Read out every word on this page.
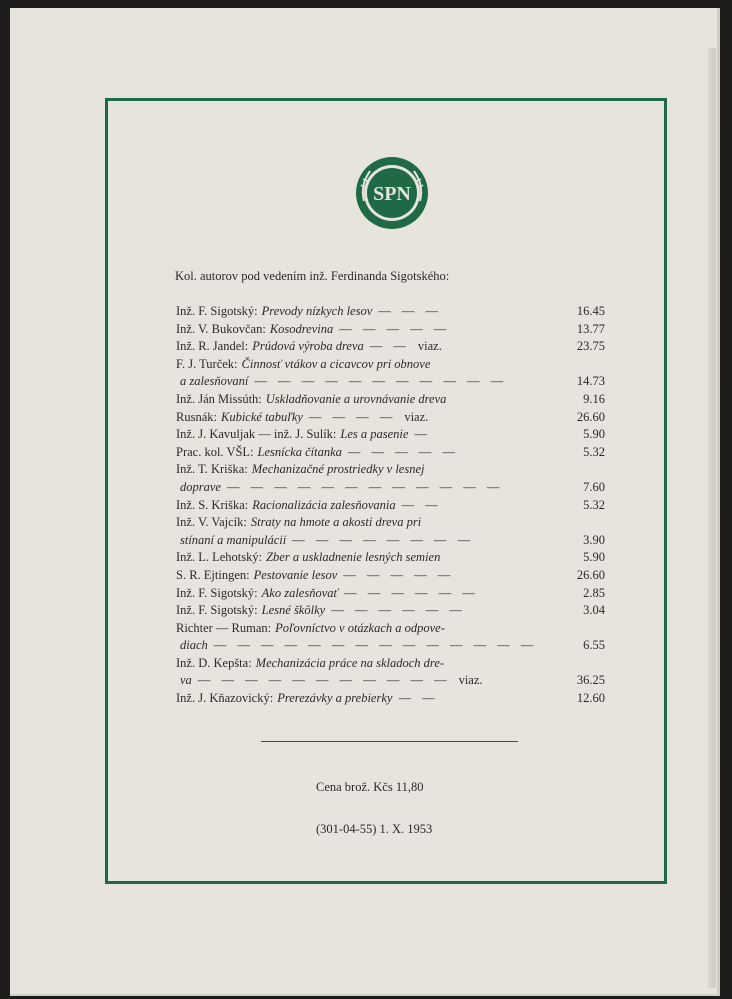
SPN
Kol. autorov pod vedením inž. Ferdinanda Sigotského:
Inž. F. Sigotský: Prevody nízkych lesov — — —	16.45
Inž. V. Bukovčan: Kosodrevina — — — — —	13.77
Inž. R. Jandel: Prúdová výroba dreva — — viaz.	23.75
F. J. Turček: Činnosť vtákov a cicavcov pri obnove
a zalesňovaní — — — — — — — — — — —	14.73
Inž. Ján Missúth: Uskladňovanie a urovnávanie dreva	9.16
Rusnák: Kubické tabuľky — — — — viaz.	26.60
Inž. J. Kavuljak — inž. J. Sulík: Les a pasenie —	5.90
Prac. kol. VŠL: Lesnícka čítanka — — — — —	5.32
Inž. T. Kriška: Mechanizačné prostriedky v lesnej
doprave — — — — — — — — — — — —	7.60
Inž. S. Kriška: Racionalizácia zalesňovania — —	5.32
Inž. V. Vajcík: Straty na hmote a akosti dreva pri
stínaní a manipulácii — — — — — — — —	3.90
Inž. L. Lehotský: Zber a uskladnenie lesných semien	5.90
S. R. Ejtingen: Pestovanie lesov — — — — —	26.60
Inž. F. Sigotský: Ako zalesňovať — — — — — —	2.85
Inž. F. Sigotský: Lesné škôlky — — — — — —	3.04
Richter — Ruman: Poľovníctvo v otázkach a odpove-
diach — — — — — — — — — — — — — —	6.55
Inž. D. Kepšta: Mechanizácia práce na skladoch dre-
va — — — — — — — — — — — viaz.	36.25
Inž. J. Kňazovický: Prerezávky a prebierky — —	12.60
Cena brož. Kčs 11,80
(301-04-55) 1. X. 1953
